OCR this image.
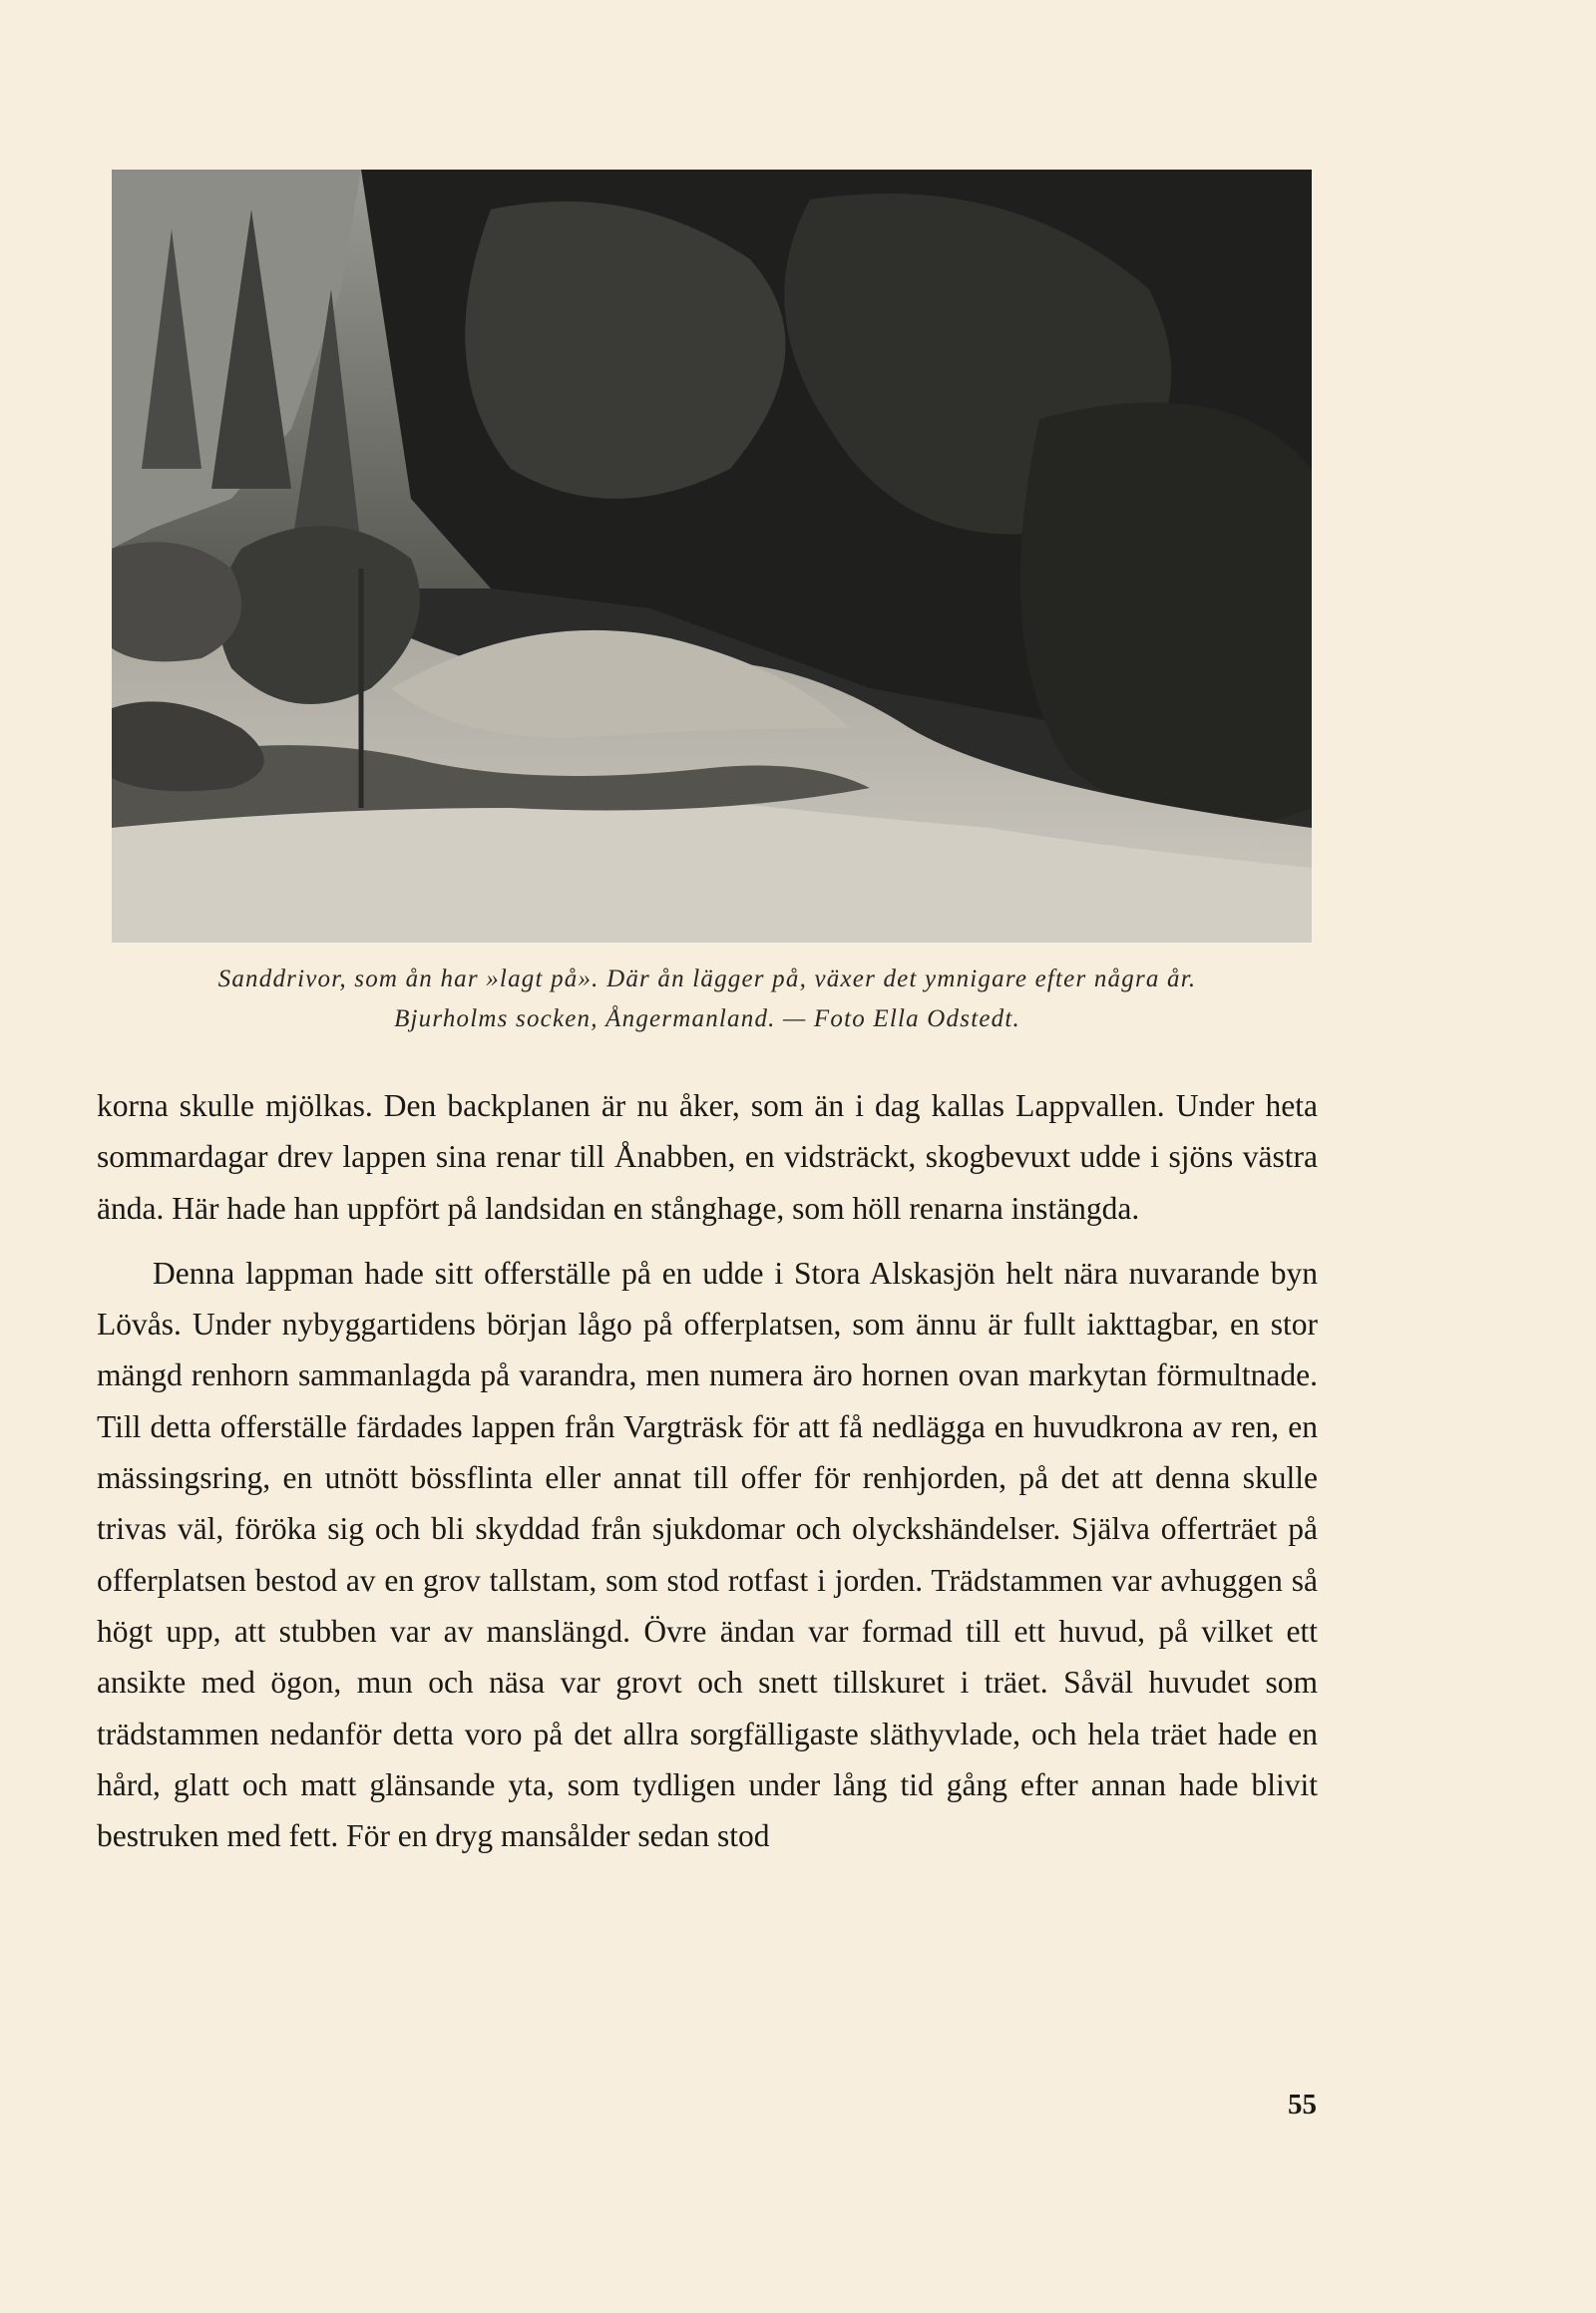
Sanddrivor, som ån har »lagt på». Där ån lägger på, växer det ymnigare efter några år.
Bjurholms socken, Ångermanland. — Foto Ella Odstedt.

korna skulle mjölkas. Den backplanen är nu åker, som än i dag kallas Lappvallen. Under heta sommardagar drev lappen sina renar till Ånabben, en vidsträckt, skogbevuxt udde i sjöns västra ända. Här hade han uppfört på landsidan en stånghage, som höll renarna instängda.

Denna lappman hade sitt offerställe på en udde i Stora Alskasjön helt nära nuvarande byn Lövås. Under nybyggartidens början lågo på offerplatsen, som ännu är fullt iakttagbar, en stor mängd renhorn sammanlagda på varandra, men numera äro hornen ovan markytan förmultnade. Till detta offerställe färdades lappen från Vargträsk för att få nedlägga en huvudkrona av ren, en mässingsring, en utnött bössflinta eller annat till offer för renhjorden, på det att denna skulle trivas väl, föröka sig och bli skyddad från sjukdomar och olyckshändelser. Själva offerträet på offerplatsen bestod av en grov tallstam, som stod rotfast i jorden. Trädstammen var avhuggen så högt upp, att stubben var av manslängd. Övre ändan var formad till ett huvud, på vilket ett ansikte med ögon, mun och näsa var grovt och snett tillskuret i träet. Såväl huvudet som trädstammen nedanför detta voro på det allra sorgfälligaste släthyvlade, och hela träet hade en hård, glatt och matt glänsande yta, som tydligen under lång tid gång efter annan hade blivit bestruken med fett. För en dryg mansålder sedan stod

55
